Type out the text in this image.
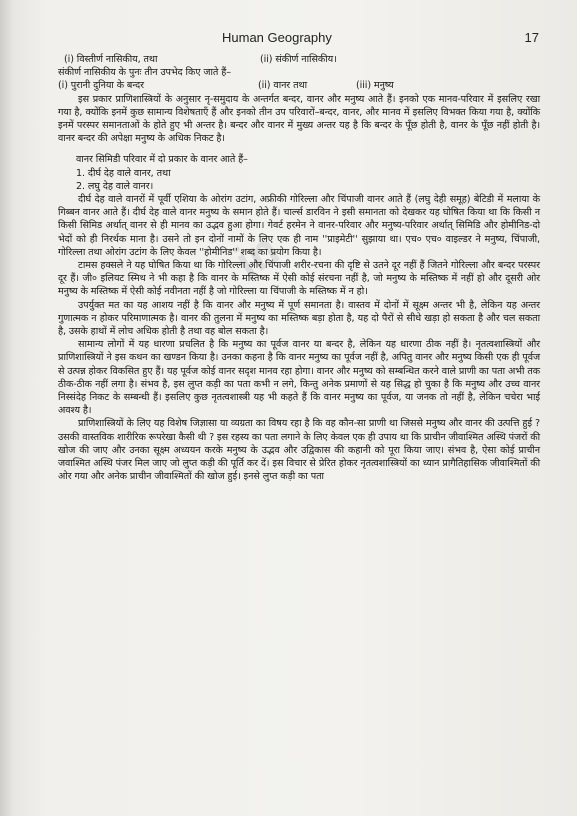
Human Geography	17
in
(i) विस्तीर्ण नासिकीय, तथा	(ii) संकीर्ण नासिकीय।
संकीर्ण नासिकीय के पुनः तीन उपभेद किए जाते हैं–
(i) पुरानी दुनिया के बन्दर	(ii) वानर तथा	(iii) मनुष्य

इस प्रकार प्राणिशास्त्रियों के अनुसार नृ-समुदाय के अन्तर्गत बन्दर, वानर और मनुष्य आते हैं। इनको एक मानव-परिवार में इसलिए रखा गया है, क्योंकि इनमें कुछ सामान्य विशेषताएँ हैं और इनको तीन उप परिवारों–बन्दर, वानर, और मानव में इसलिए विभक्त किया गया है, क्योंकि इनमें परस्पर समानताओं के होते हुए भी अन्तर है। बन्दर और वानर में मुख्य अन्तर यह है कि बन्दर के पूँछ होती है, वानर के पूँछ नहीं होती है। वानर बन्दर की अपेक्षा मनुष्य के अधिक निकट है।

वानर सिमिडी परिवार में दो प्रकार के वानर आते हैं–
1. दीर्घ देह वाले वानर, तथा
2. लघु देह वाले वानर।

दीर्घ देह वाले वानरों में पूर्वी एशिया के ओरांग उटांग, अफ्रीकी गोरिल्ला और चिंपाजी वानर आते हैं (लघु देही समूह) बेटिडी में मलाया के गिब्बन वानर आते हैं। दीर्घ देह वाले वानर मनुष्य के समान होते हैं। चार्ल्स डारविन ने इसी समानता को देखकर यह घोषित किया था कि किसी न किसी सिमिड अर्थात् वानर से ही मानव का उद्भव हुआ होगा। गेवर्ट हरमेन ने वानर-परिवार और मनुष्य-परिवार अर्थात् सिमिडि और होमीनिड-दो भेदों को ही निरर्थक माना है। उसने तो इन दोनों नामों के लिए एक ही नाम ''प्राइमेटी'' सुझाया था। एच० एच० वाइल्डर ने मनुष्य, चिंपाजी, गोरिल्ला तथा ओरांग उटांग के लिए केवल ''होमीनिड'' शब्द का प्रयोग किया है।

टामस हक्सले ने यह घोषित किया था कि गोरिल्ला और चिंपाजी शरीर-रचना की दृष्टि से उतने दूर नहीं हैं जितने गोरिल्ला और बन्दर परस्पर दूर हैं। जी० इलियट स्मिथ ने भी कहा है कि वानर के मस्तिष्क में ऐसी कोई संरचना नहीं है, जो मनुष्य के मस्तिष्क में नहीं हो और दूसरी ओर मनुष्य के मस्तिष्क में ऐसी कोई नवीनता नहीं है जो गोरिल्ला या चिंपाजी के मस्तिष्क में न हो।

उपर्युक्त मत का यह आशय नहीं है कि वानर और मनुष्य में पूर्ण समानता है। वास्तव में दोनों में सूक्ष्म अन्तर भी है, लेकिन यह अन्तर गुणात्मक न होकर परिमाणात्मक है। वानर की तुलना में मनुष्य का मस्तिष्क बड़ा होता है, यह दो पैरों से सीधे खड़ा हो सकता है और चल सकता है, उसके हाथों में लोच अधिक होती है तथा वह बोल सकता है।

सामान्य लोगों में यह धारणा प्रचलित है कि मनुष्य का पूर्वज वानर या बन्दर है, लेकिन यह धारणा ठीक नहीं है। नृतत्वशास्त्रियों और प्राणिशास्त्रियों ने इस कथन का खण्डन किया है। उनका कहना है कि वानर मनुष्य का पूर्वज नहीं है, अपितु वानर और मनुष्य किसी एक ही पूर्वज से उत्पन्न होकर विकसित हुए हैं। यह पूर्वज कोई वानर सदृश मानव रहा होगा। वानर और मनुष्य को सम्बन्धित करने वाले प्राणी का पता अभी तक ठीक-ठीक नहीं लगा है। संभव है, इस लुप्त कड़ी का पता कभी न लगे, किन्तु अनेक प्रमाणों से यह सिद्ध हो चुका है कि मनुष्य और उच्च वानर निस्संदेह निकट के सम्बन्धी हैं। इसलिए कुछ नृतत्वशास्त्री यह भी कहते हैं कि वानर मनुष्य का पूर्वज, या जनक तो नहीं है, लेकिन चचेरा भाई अवश्य है।

प्राणिशास्त्रियों के लिए यह विशेष जिज्ञासा या व्यग्रता का विषय रहा है कि वह कौन-सा प्राणी था जिससे मनुष्य और वानर की उत्पत्ति हुई ? उसकी वास्तविक शारीरिक रूपरेखा कैसी थी ? इस रहस्य का पता लगाने के लिए केवल एक ही उपाय था कि प्राचीन जीवाश्मित अस्थि पंजरों की खोज की जाए और उनका सूक्ष्म अध्ययन करके मनुष्य के उद्भव और उद्विकास की कहानी को पूरा किया जाए। संभव है, ऐसा कोई प्राचीन जवाश्मित अस्थि पंजर मिल जाए जो लुप्त कड़ी की पूर्ति कर दें। इस विचार से प्रेरित होकर नृतत्वशास्त्रियों का ध्यान प्रागैतिहासिक जीवाश्मितों की ओर गया और अनेक प्राचीन जीवाश्मितों की खोज हुई। इनसे लुप्त कड़ी का पता
